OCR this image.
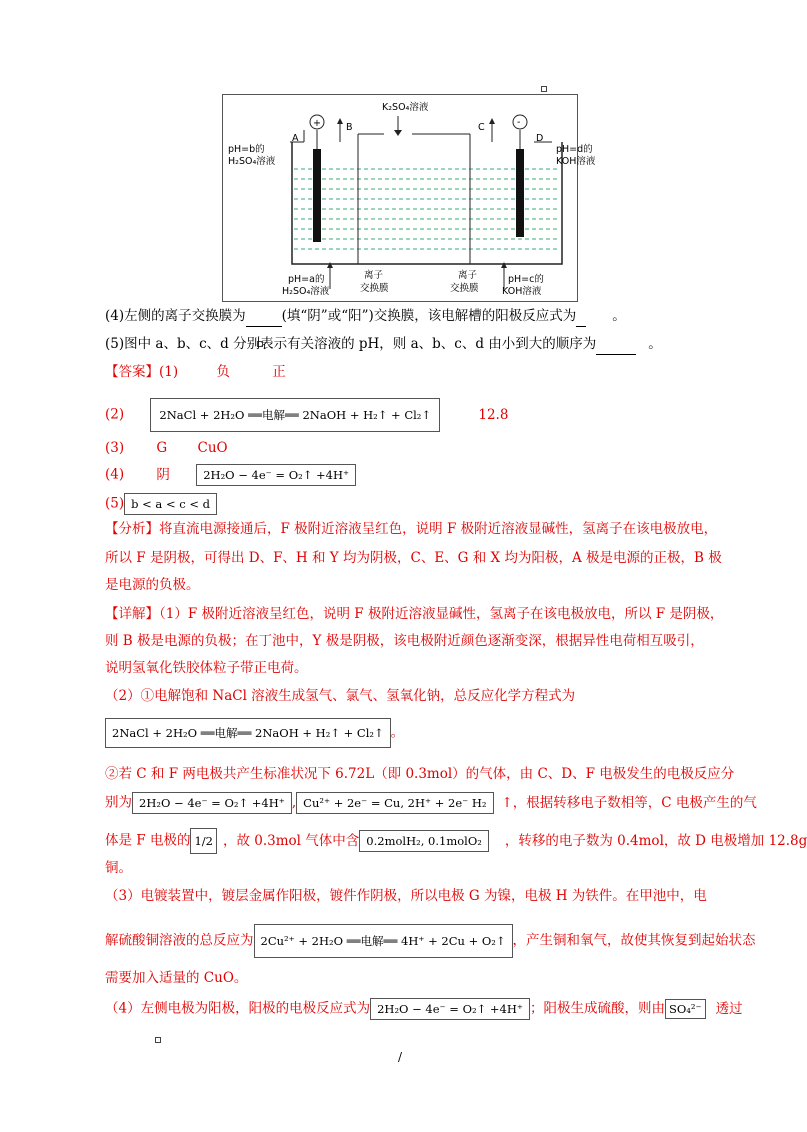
+	-
A
B	C
D
K₂SO₄溶液
pH=b的
H₂SO₄溶液
pH=d的
KOH溶液
pH=a的
H₂SO₄溶液
离子
交换膜
离子
交换膜
pH=c的
KOH溶液
(4)左侧的离子交换膜为	(填“阴”或“阳”)交换膜，该电解槽的阳极反应式为	。
(5)图中 a、b、c、d 分别表示有关溶液的 pH，则 a、b、c、d 由小到大的顺序为	。
【答案】(1)	负	正
(2)	2NaCl + 2H₂O ══电解══ 2NaOH + H₂↑ + Cl₂↑	12.8
(3) G CuO
(4) 阴	2H₂O − 4e⁻ = O₂↑ +4H⁺
(5) b < a < c < d
【分析】将直流电源接通后，F 极附近溶液呈红色，说明 F 极附近溶液显碱性，氢离子在该电极放电，
所以 F 是阴极，可得出 D、F、H 和 Y 均为阴极，C、E、G 和 X 均为阳极，A 极是电源的正极，B 极
是电源的负极。
【详解】（1）F 极附近溶液呈红色，说明 F 极附近溶液显碱性，氢离子在该电极放电，所以 F 是阴极，
则 B 极是电源的负极；在丁池中，Y 极是阴极，该电极附近颜色逐渐变深，根据异性电荷相互吸引，
说明氢氧化铁胶体粒子带正电荷。
（2）①电解饱和 NaCl 溶液生成氢气、氯气、氢氧化钠，总反应化学方程式为
2NaCl + 2H₂O ══电解══ 2NaOH + H₂↑ + Cl₂↑ 。
②若 C 和 F 两电极共产生标准状况下 6.72L（即 0.3mol）的气体，由 C、D、F 电极发生的电极反应分
别为 2H₂O − 4e⁻ = O₂↑ +4H⁺ , Cu²⁺ + 2e⁻ = Cu, 2H⁺ + 2e⁻ H₂ ↑，根据转移电子数相等，C 电极产生的气
体是 F 电极的 1/2 ，故 0.3mol 气体中含 0.2molH₂, 0.1molO₂ ，转移的电子数为 0.4mol，故 D 电极增加 12.8g
铜。
（3）电镀装置中，镀层金属作阳极，镀件作阴极，所以电极 G 为镍，电极 H 为铁件。在甲池中，电
解硫酸铜溶液的总反应为 2Cu²⁺ + 2H₂O ══电解══ 4H⁺ + 2Cu + O₂↑ ，产生铜和氧气，故使其恢复到起始状态
需要加入适量的 CuO。
（4）左侧电极为阳极，阳极的电极反应式为 2H₂O − 4e⁻ = O₂↑ +4H⁺ ；阳极生成硫酸，则由 SO₄²⁻ 透过
/
